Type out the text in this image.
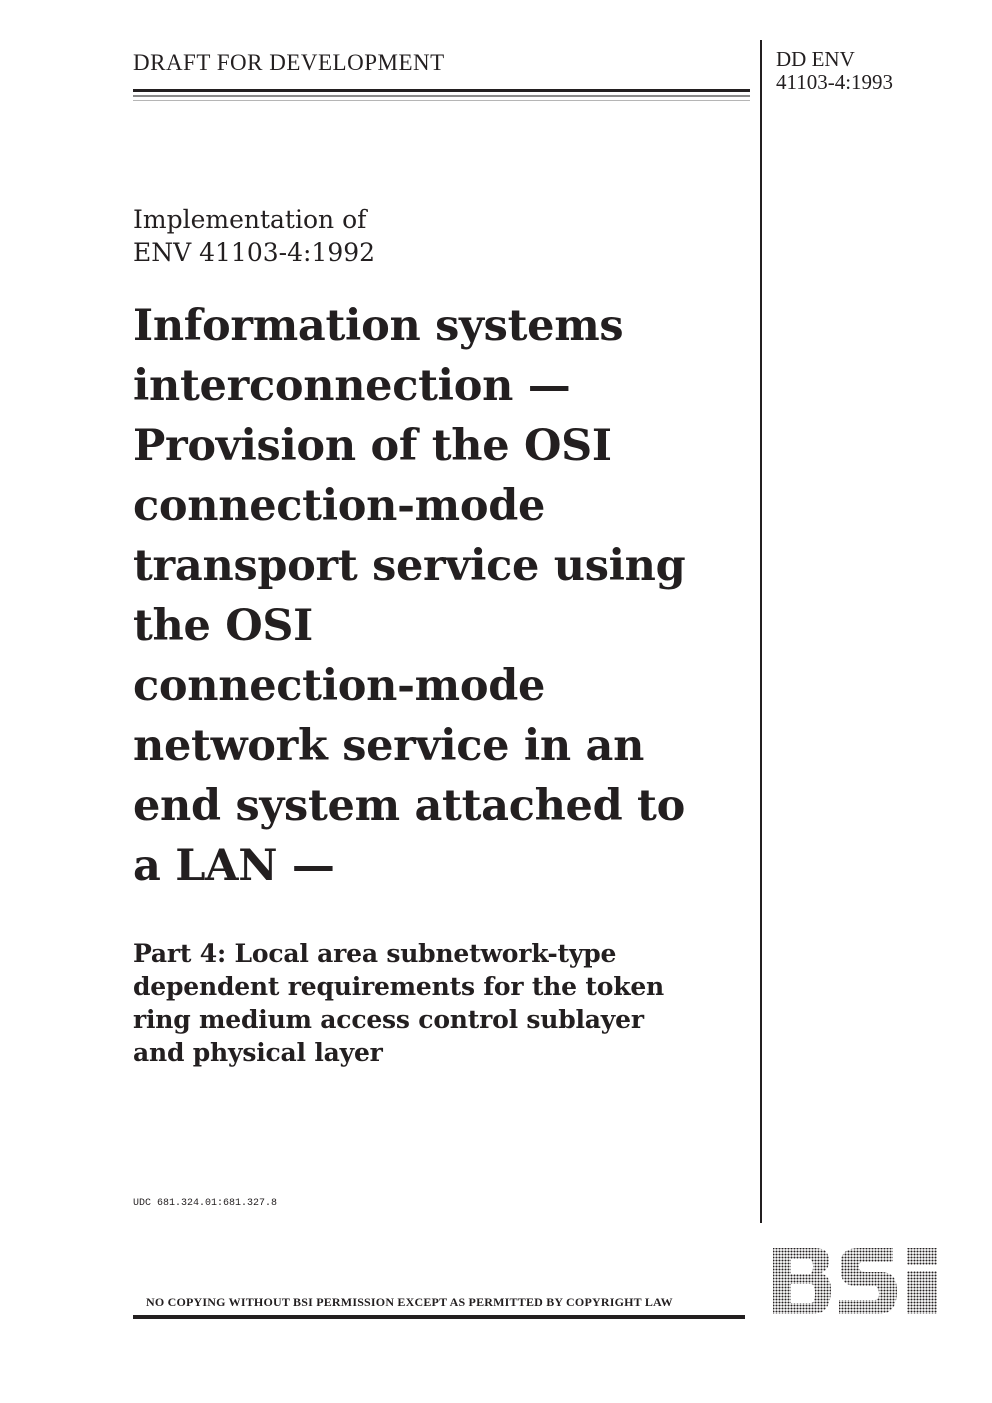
DRAFT FOR DEVELOPMENT	DD ENV
41103-4:1993
Implementation of
ENV 41103-4:1992
Information systems
interconnection —
Provision of the OSI
connection-mode
transport service using
the OSI
connection-mode
network service in an
end system attached to
a LAN —
Part 4: Local area subnetwork-type
dependent requirements for the token
ring medium access control sublayer
and physical layer
UDC 681.324.01:681.327.8
NO COPYING WITHOUT BSI PERMISSION EXCEPT AS PERMITTED BY COPYRIGHT LAW
